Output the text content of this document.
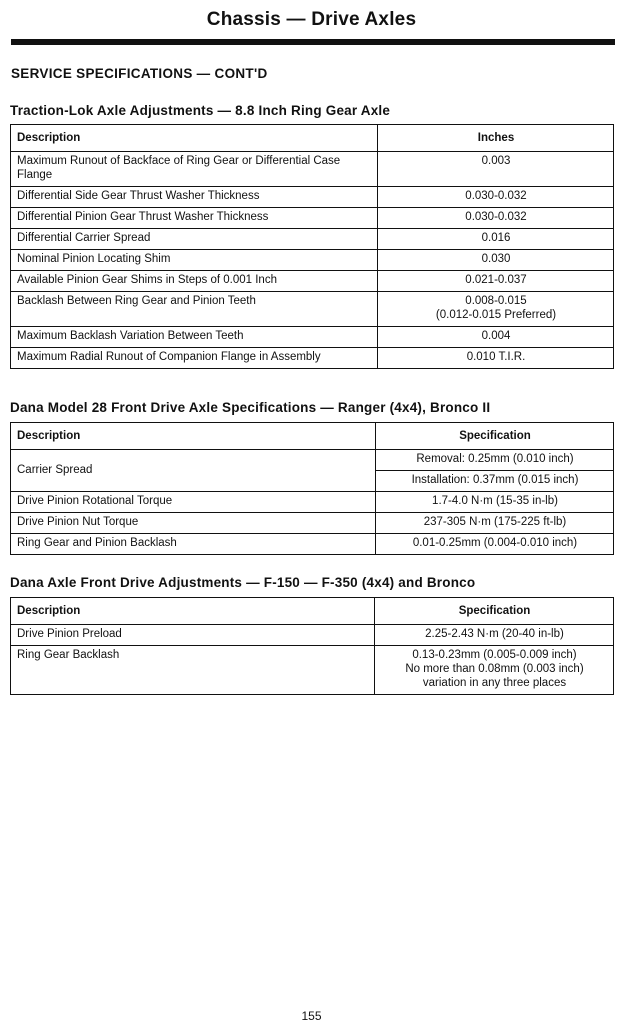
Chassis — Drive Axles
SERVICE SPECIFICATIONS — CONT'D
Traction-Lok Axle Adjustments — 8.8 Inch Ring Gear Axle
Description	Inches
Maximum Runout of Backface of Ring Gear or Differential Case Flange	0.003
Differential Side Gear Thrust Washer Thickness	0.030-0.032
Differential Pinion Gear Thrust Washer Thickness	0.030-0.032
Differential Carrier Spread	0.016
Nominal Pinion Locating Shim	0.030
Available Pinion Gear Shims in Steps of 0.001 Inch	0.021-0.037
Backlash Between Ring Gear and Pinion Teeth	0.008-0.015
(0.012-0.015 Preferred)
Maximum Backlash Variation Between Teeth	0.004
Maximum Radial Runout of Companion Flange in Assembly	0.010 T.I.R.
Dana Model 28 Front Drive Axle Specifications — Ranger (4x4), Bronco II
Description	Specification
Carrier Spread	Removal: 0.25mm (0.010 inch)
	Installation: 0.37mm (0.015 inch)
Drive Pinion Rotational Torque	1.7-4.0 N·m (15-35 in-lb)
Drive Pinion Nut Torque	237-305 N·m (175-225 ft-lb)
Ring Gear and Pinion Backlash	0.01-0.25mm (0.004-0.010 inch)
Dana Axle Front Drive Adjustments — F-150 — F-350 (4x4) and Bronco
Description	Specification
Drive Pinion Preload	2.25-2.43 N·m (20-40 in-lb)
Ring Gear Backlash	0.13-0.23mm (0.005-0.009 inch)
No more than 0.08mm (0.003 inch)
variation in any three places
155
